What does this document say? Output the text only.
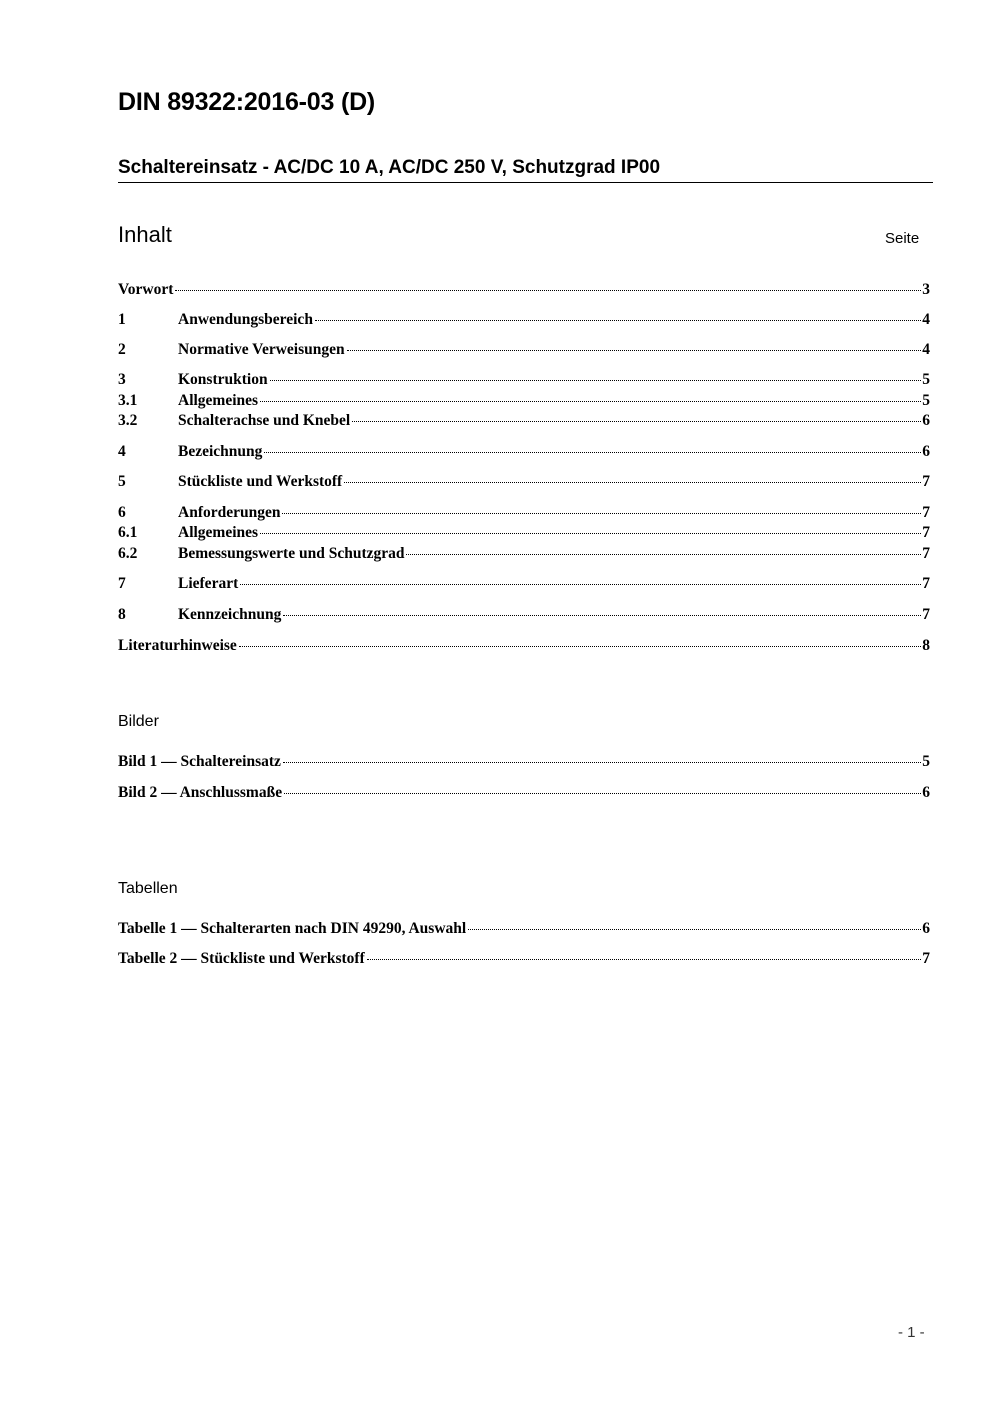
DIN 89322:2016-03 (D)
Schaltereinsatz - AC/DC 10 A, AC/DC 250 V, Schutzgrad IP00
Inhalt	Seite
Vorwort	3
1	Anwendungsbereich	4
2	Normative Verweisungen	4
3	Konstruktion	5
3.1	Allgemeines	5
3.2	Schalterachse und Knebel	6
4	Bezeichnung	6
5	Stückliste und Werkstoff	7
6	Anforderungen	7
6.1	Allgemeines	7
6.2	Bemessungswerte und Schutzgrad	7
7	Lieferart	7
8	Kennzeichnung	7
Literaturhinweise	8
Bilder
Bild 1 — Schaltereinsatz	5
Bild 2 — Anschlussmaße	6
Tabellen
Tabelle 1 — Schalterarten nach DIN 49290, Auswahl	6
Tabelle 2 — Stückliste und Werkstoff	7
- 1 -
